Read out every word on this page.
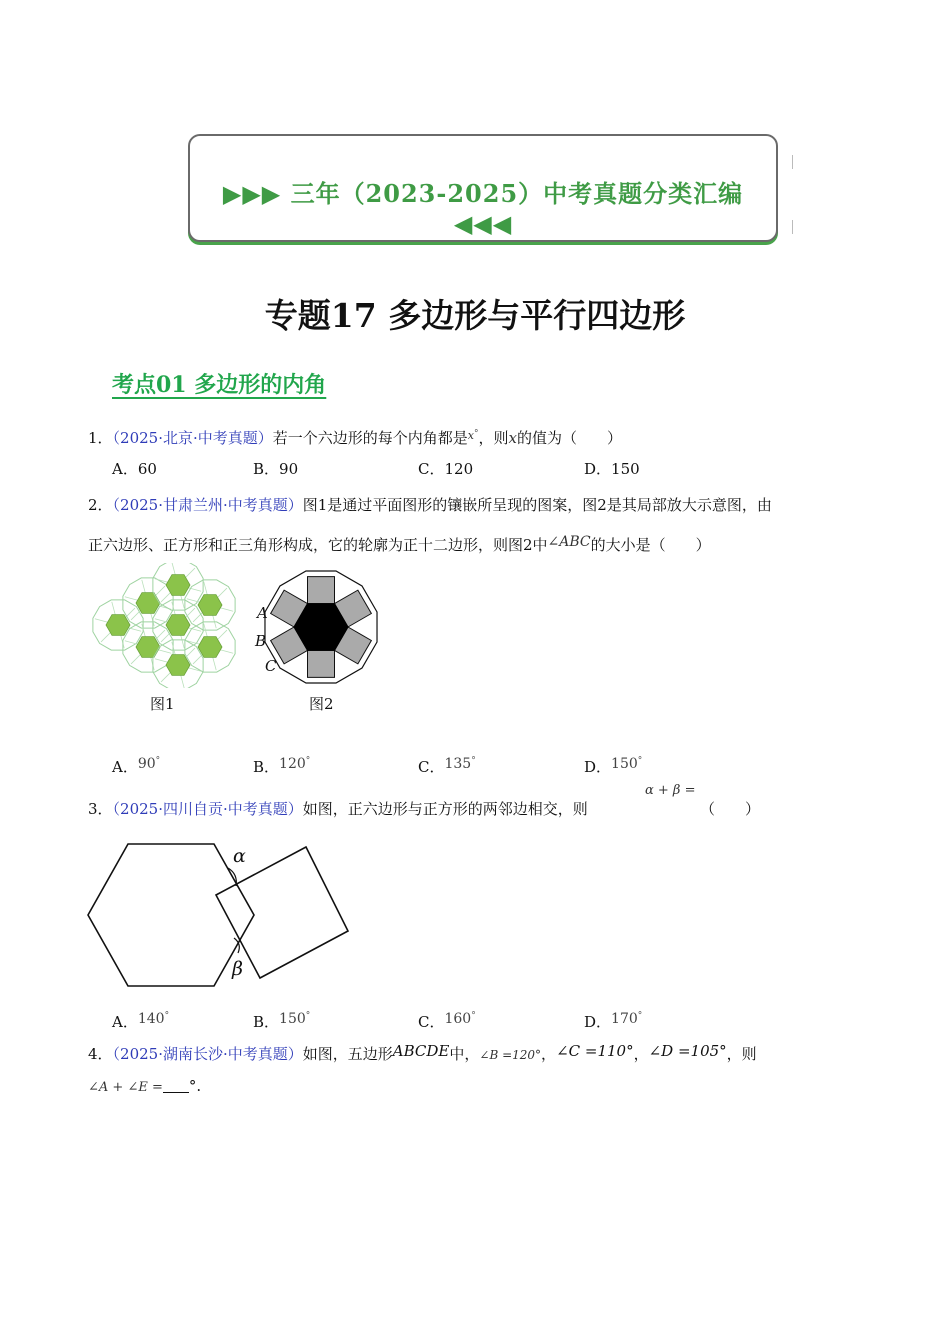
▶▶▶ 三年（2023-2025）中考真题分类汇编 ◀◀◀
专题17 多边形与平行四边形
考点01 多边形的内角
1．（2025·北京·中考真题）若一个六边形的每个内角都是$^{x^\circ}$，则x的值为（　　）
A．60	B．90	C．120	D．150
2．（2025·甘肃兰州·中考真题）图1是通过平面图形的镶嵌所呈现的图案，图2是其局部放大示意图，由
正六边形、正方形和正三角形构成，它的轮廓为正十二边形，则图2中∠ABC的大小是（　　）
图1
A
B
C
图2
A．90°	B．120°	C．135°	D．150°
3．（2025·四川自贡·中考真题）如图，正六边形与正方形的两邻边相交，则
α + β =
（　　）
α
β
A．140°	B．150°	C．160°	D．170°
4．（2025·湖南长沙·中考真题）如图，五边形ABCDE中，∠B =120°，∠C =110°，∠D =105°，则
∠A + ∠E = °.
